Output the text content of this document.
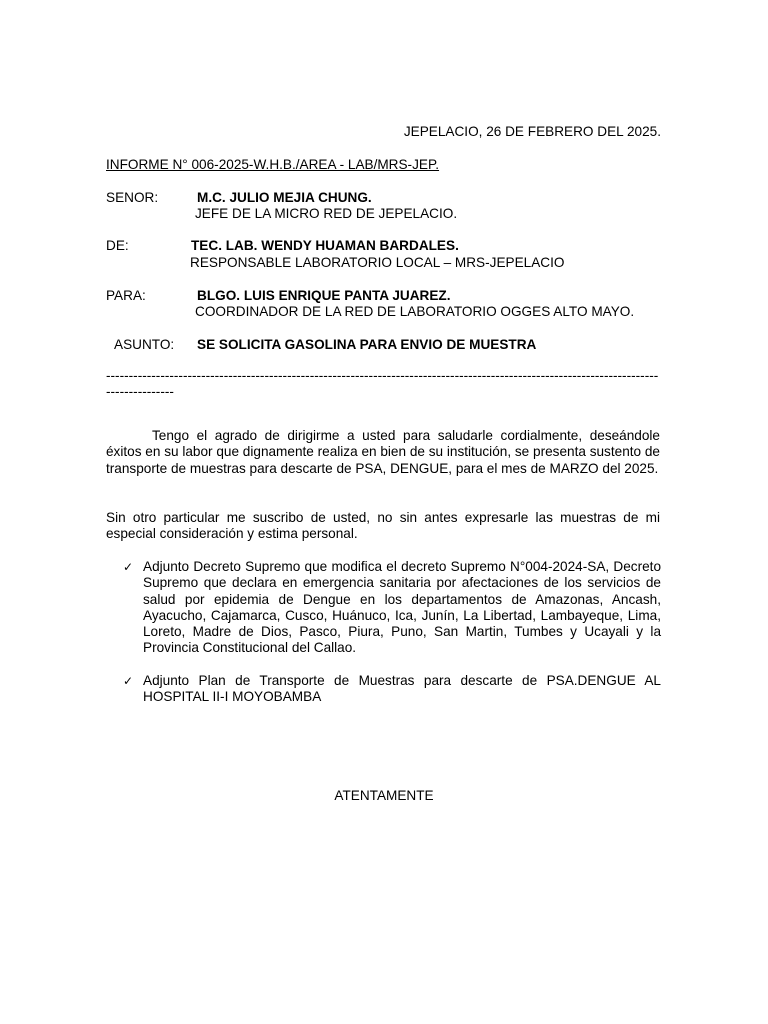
JEPELACIO, 26 DE FEBRERO DEL 2025.
INFORME N° 006-2025-W.H.B./AREA - LAB/MRS-JEP.
SENOR:	M.C. JULIO MEJIA CHUNG.
JEFE DE LA MICRO RED DE JEPELACIO.
DE:	TEC. LAB. WENDY HUAMAN BARDALES.
RESPONSABLE LABORATORIO LOCAL – MRS-JEPELACIO
PARA:	BLGO. LUIS ENRIQUE PANTA JUAREZ.
COORDINADOR DE LA RED DE LABORATORIO OGGES ALTO MAYO.
ASUNTO: SE SOLICITA GASOLINA PARA ENVIO DE MUESTRA
-----------------------------------------------------------------------------------------------------------------------------------------
Tengo el agrado de dirigirme a usted para saludarle cordialmente, deseándole éxitos en su labor que dignamente realiza en bien de su institución, se presenta sustento de transporte de muestras para descarte de PSA, DENGUE, para el mes de MARZO del 2025.
Sin otro particular me suscribo de usted, no sin antes expresarle las muestras de mi especial consideración y estima personal.
✓ Adjunto Decreto Supremo que modifica el decreto Supremo N°004-2024-SA, Decreto Supremo que declara en emergencia sanitaria por afectaciones de los servicios de salud por epidemia de Dengue en los departamentos de Amazonas, Ancash, Ayacucho, Cajamarca, Cusco, Huánuco, Ica, Junín, La Libertad, Lambayeque, Lima, Loreto, Madre de Dios, Pasco, Piura, Puno, San Martin, Tumbes y Ucayali y la Provincia Constitucional del Callao.
✓ Adjunto Plan de Transporte de Muestras para descarte de PSA.DENGUE AL HOSPITAL II-I MOYOBAMBA
ATENTAMENTE
